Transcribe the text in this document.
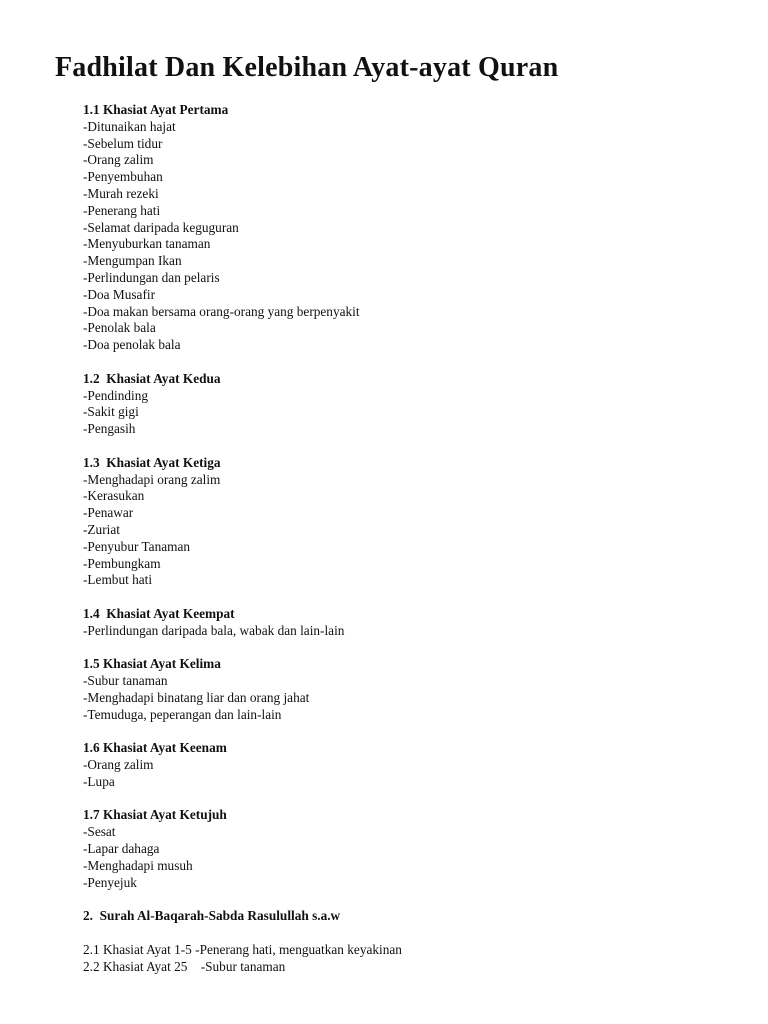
Fadhilat Dan Kelebihan Ayat-ayat Quran
1.1 Khasiat Ayat Pertama
-Ditunaikan hajat
-Sebelum tidur
-Orang zalim
-Penyembuhan
-Murah rezeki
-Penerang hati
-Selamat daripada keguguran
-Menyuburkan tanaman
-Mengumpan Ikan
-Perlindungan dan pelaris
-Doa Musafir
-Doa makan bersama orang-orang yang berpenyakit
-Penolak bala
-Doa penolak bala
1.2  Khasiat Ayat Kedua
-Pendinding
-Sakit gigi
-Pengasih
1.3  Khasiat Ayat Ketiga
-Menghadapi orang zalim
-Kerasukan
-Penawar
-Zuriat
-Penyubur Tanaman
-Pembungkam
-Lembut hati
1.4  Khasiat Ayat Keempat
-Perlindungan daripada bala, wabak dan lain-lain
1.5 Khasiat Ayat Kelima
-Subur tanaman
-Menghadapi binatang liar dan orang jahat
-Temuduga, peperangan dan lain-lain
1.6 Khasiat Ayat Keenam
-Orang zalim
-Lupa
1.7 Khasiat Ayat Ketujuh
-Sesat
-Lapar dahaga
-Menghadapi musuh
-Penyejuk
2.  Surah Al-Baqarah-Sabda Rasulullah s.a.w
2.1 Khasiat Ayat 1-5 -Penerang hati, menguatkan keyakinan
2.2 Khasiat Ayat 25    -Subur tanaman
